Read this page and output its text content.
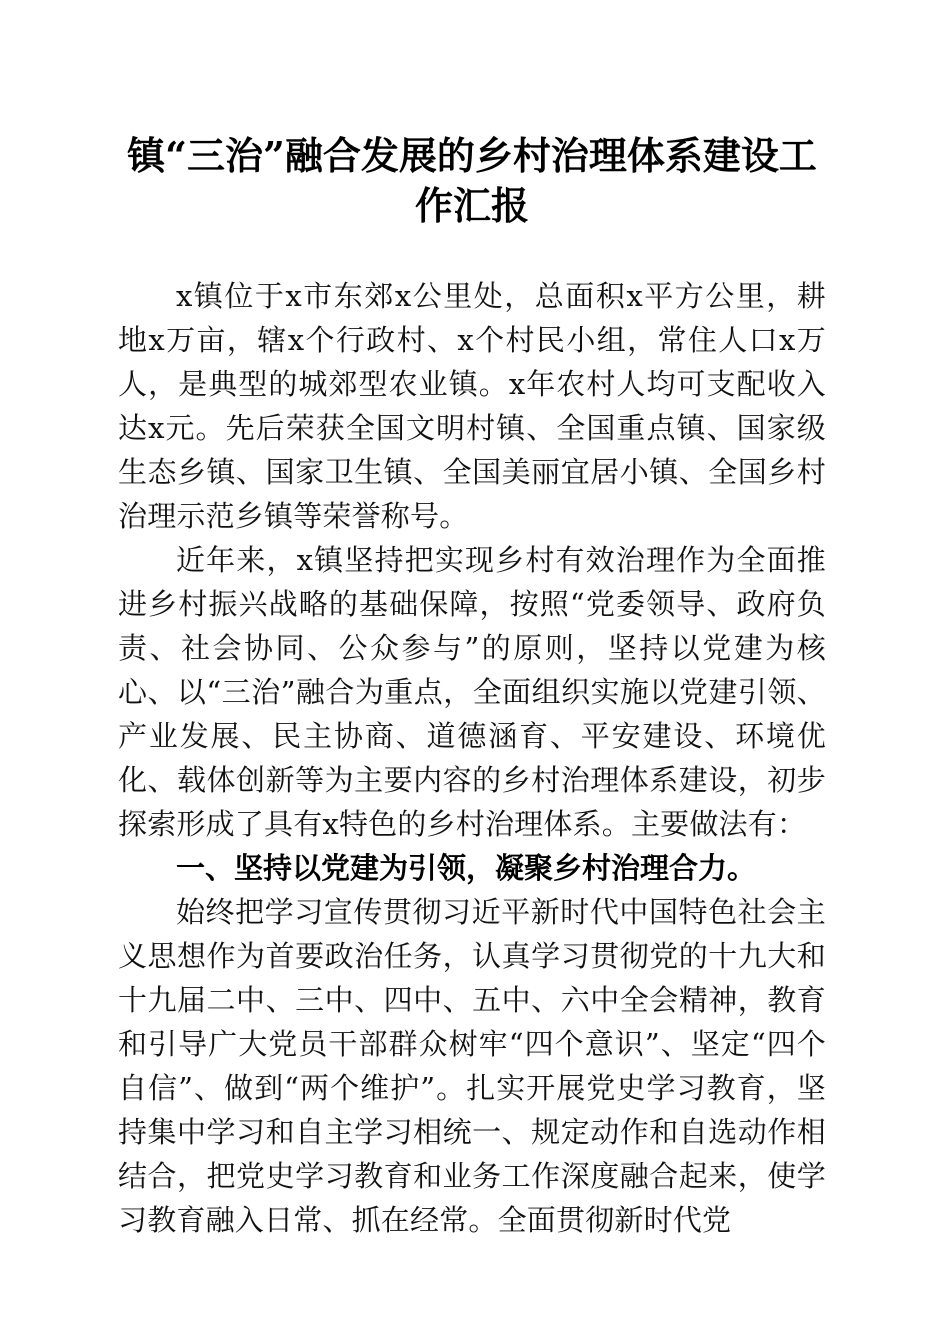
镇“三治”融合发展的乡村治理体系建设工作汇报

x镇位于x市东郊x公里处，总面积x平方公里，耕地x万亩，辖x个行政村、x个村民小组，常住人口x万人，是典型的城郊型农业镇。x年农村人均可支配收入达x元。先后荣获全国文明村镇、全国重点镇、国家级生态乡镇、国家卫生镇、全国美丽宜居小镇、全国乡村治理示范乡镇等荣誉称号。

近年来，x镇坚持把实现乡村有效治理作为全面推进乡村振兴战略的基础保障，按照“党委领导、政府负责、社会协同、公众参与”的原则，坚持以党建为核心、以“三治”融合为重点，全面组织实施以党建引领、产业发展、民主协商、道德涵育、平安建设、环境优化、载体创新等为主要内容的乡村治理体系建设，初步探索形成了具有x特色的乡村治理体系。主要做法有：

一、坚持以党建为引领，凝聚乡村治理合力。

始终把学习宣传贯彻习近平新时代中国特色社会主义思想作为首要政治任务，认真学习贯彻党的十九大和十九届二中、三中、四中、五中、六中全会精神，教育和引导广大党员干部群众树牢“四个意识”、坚定“四个自信”、做到“两个维护”。扎实开展党史学习教育，坚持集中学习和自主学习相统一、规定动作和自选动作相结合，把党史学习教育和业务工作深度融合起来，使学习教育融入日常、抓在经常。全面贯彻新时代党
